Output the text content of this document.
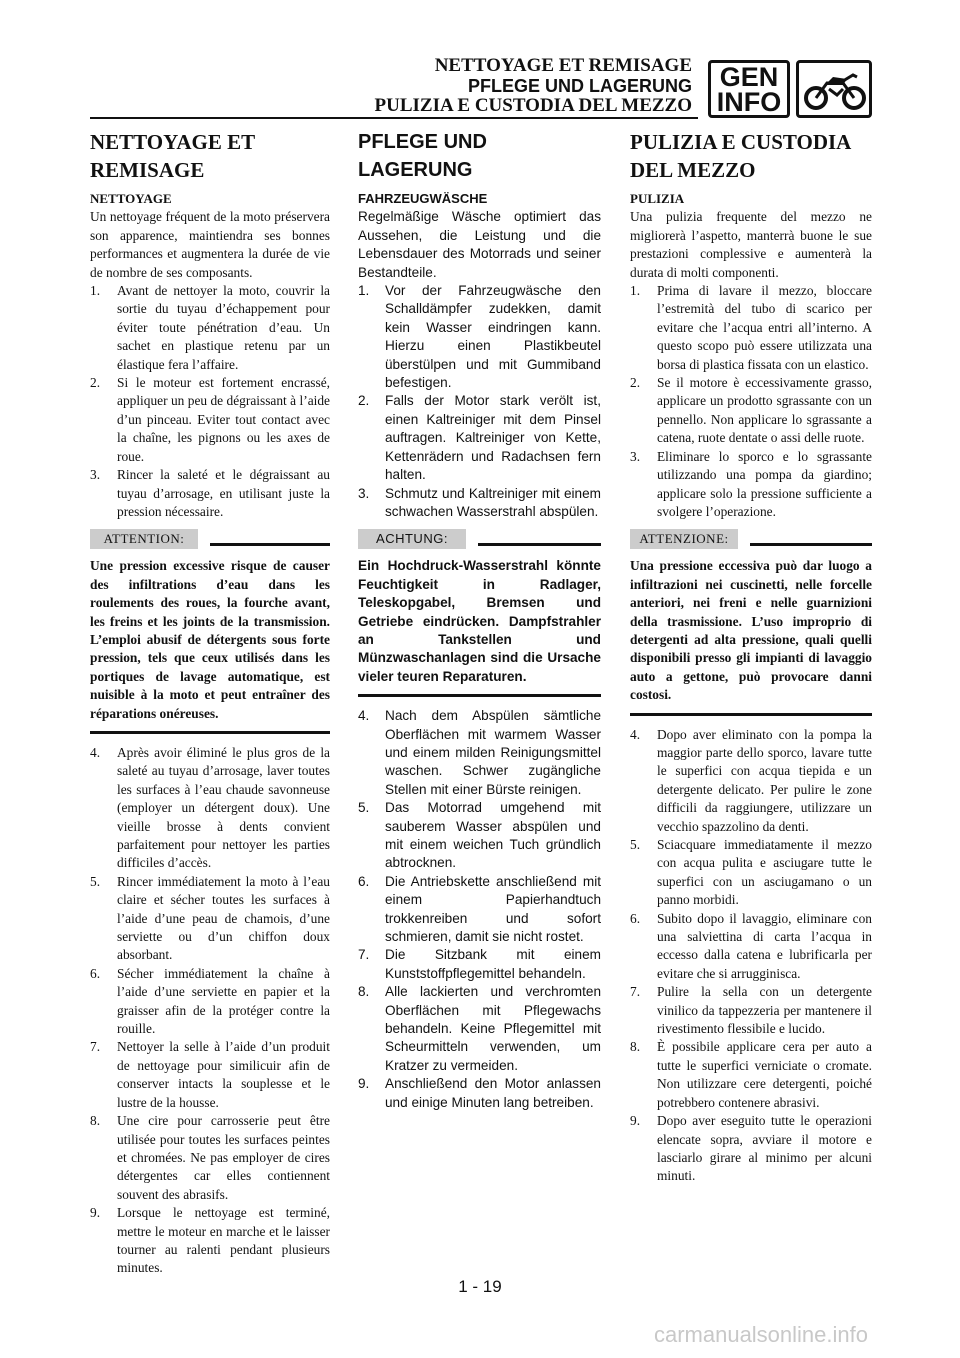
NETTOYAGE ET REMISAGE
PFLEGE UND LAGERUNG
PULIZIA E CUSTODIA DEL MEZZO
GEN
INFO
NETTOYAGE ET REMISAGE
NETTOYAGE

Un nettoyage fréquent de la moto préservera son apparence, maintiendra ses bonnes performances et augmentera la durée de vie de nombre de ses composants.

1. Avant de nettoyer la moto, couvrir la sortie du tuyau d’échappement pour éviter toute pénétration d’eau. Un sachet en plastique retenu par un élastique fera l’affaire.
2. Si le moteur est fortement encrassé, appliquer un peu de dégraissant à l’aide d’un pinceau. Eviter tout contact avec la chaîne, les pignons ou les axes de roue.
3. Rincer la saleté et le dégraissant au tuyau d’arrosage, en utilisant juste la pression nécessaire.
ATTENTION:
Une pression excessive risque de causer des infiltrations d’eau dans les roulements des roues, la fourche avant, les freins et les joints de la transmission. L’emploi abusif de détergents sous forte pression, tels que ceux utilisés dans les portiques de lavage automatique, est nuisible à la moto et peut entraîner des réparations onéreuses.
4. Après avoir éliminé le plus gros de la saleté au tuyau d’arrosage, laver toutes les surfaces à l’eau chaude savonneuse (employer un détergent doux). Une vieille brosse à dents convient parfaitement pour nettoyer les parties difficiles d’accès.
5. Rincer immédiatement la moto à l’eau claire et sécher toutes les surfaces à l’aide d’une peau de chamois, d’une serviette ou d’un chiffon doux absorbant.
6. Sécher immédiatement la chaîne à l’aide d’une serviette en papier et la graisser afin de la protéger contre la rouille.
7. Nettoyer la selle à l’aide d’un produit de nettoyage pour similicuir afin de conserver intacts la souplesse et le lustre de la housse.
8. Une cire pour carrosserie peut être utilisée pour toutes les surfaces peintes et chromées. Ne pas employer de cires détergentes car elles contiennent souvent des abrasifs.
9. Lorsque le nettoyage est terminé, mettre le moteur en marche et le laisser tourner au ralenti pendant plusieurs minutes.
PFLEGE UND LAGERUNG
FAHRZEUGWÄSCHE

Regelmäßige Wäsche optimiert das Aussehen, die Leistung und die Lebensdauer des Motorrads und seiner Bestandteile.

1. Vor der Fahrzeugwäsche den Schalldämpfer zudekken, damit kein Wasser eindringen kann. Hierzu einen Plastikbeutel überstülpen und mit Gummiband befestigen.
2. Falls der Motor stark verölt ist, einen Kaltreiniger mit dem Pinsel auftragen. Kaltreiniger von Kette, Kettenrädern und Radachsen fern halten.
3. Schmutz und Kaltreiniger mit einem schwachen Wasserstrahl abspülen.
ACHTUNG:
Ein Hochdruck-Wasserstrahl könnte Feuchtigkeit in Radlager, Teleskopgabel, Bremsen und Getriebe eindrücken. Dampfstrahler an Tankstellen und Münzwaschanlagen sind die Ursache vieler teuren Reparaturen.
4. Nach dem Abspülen sämtliche Oberflächen mit warmem Wasser und einem milden Reinigungsmittel waschen. Schwer zugängliche Stellen mit einer Bürste reinigen.
5. Das Motorrad umgehend mit sauberem Wasser abspülen und mit einem weichen Tuch gründlich abtrocknen.
6. Die Antriebskette anschließend mit einem Papierhandtuch trokkenreiben und sofort schmieren, damit sie nicht rostet.
7. Die Sitzbank mit einem Kunststoffpflegemittel behandeln.
8. Alle lackierten und verchromten Oberflächen mit Pflegewachs behandeln. Keine Pflegemittel mit Scheurmitteln verwenden, um Kratzer zu vermeiden.
9. Anschließend den Motor anlassen und einige Minuten lang betreiben.
PULIZIA E CUSTODIA DEL MEZZO
PULIZIA

Una pulizia frequente del mezzo ne migliorerà l’aspetto, manterrà buone le sue prestazioni complessive e aumenterà la durata di molti componenti.

1. Prima di lavare il mezzo, bloccare l’estremità del tubo di scarico per evitare che l’acqua entri all’interno. A questo scopo può essere utilizzata una borsa di plastica fissata con un elastico.
2. Se il motore è eccessivamente grasso, applicare un prodotto sgrassante con un pennello. Non applicare lo sgrassante a catena, ruote dentate o assi delle ruote.
3. Eliminare lo sporco e lo sgrassante utilizzando una pompa da giardino; applicare solo la pressione sufficiente a svolgere l’operazione.
ATTENZIONE:
Una pressione eccessiva può dar luogo a infiltrazioni nei cuscinetti, nelle forcelle anteriori, nei freni e nelle guarnizioni della trasmissione. L’uso improprio di detergenti ad alta pressione, quali quelli disponibili presso gli impianti di lavaggio auto a gettone, può provocare danni costosi.
4. Dopo aver eliminato con la pompa la maggior parte dello sporco, lavare tutte le superfici con acqua tiepida e un detergente delicato. Per pulire le zone difficili da raggiungere, utilizzare un vecchio spazzolino da denti.
5. Sciacquare immediatamente il mezzo con acqua pulita e asciugare tutte le superfici con un asciugamano o un panno morbidi.
6. Subito dopo il lavaggio, eliminare con una salviettina di carta l’acqua in eccesso dalla catena e lubrificarla per evitare che si arrugginisca.
7. Pulire la sella con un detergente vinilico da tappezzeria per mantenere il rivestimento flessibile e lucido.
8. È possibile applicare cera per auto a tutte le superfici verniciate o cromate. Non utilizzare cere detergenti, poiché potrebbero contenere abrasivi.
9. Dopo aver eseguito tutte le operazioni elencate sopra, avviare il motore e lasciarlo girare al minimo per alcuni minuti.
1 - 19
carmanualsonline.info
